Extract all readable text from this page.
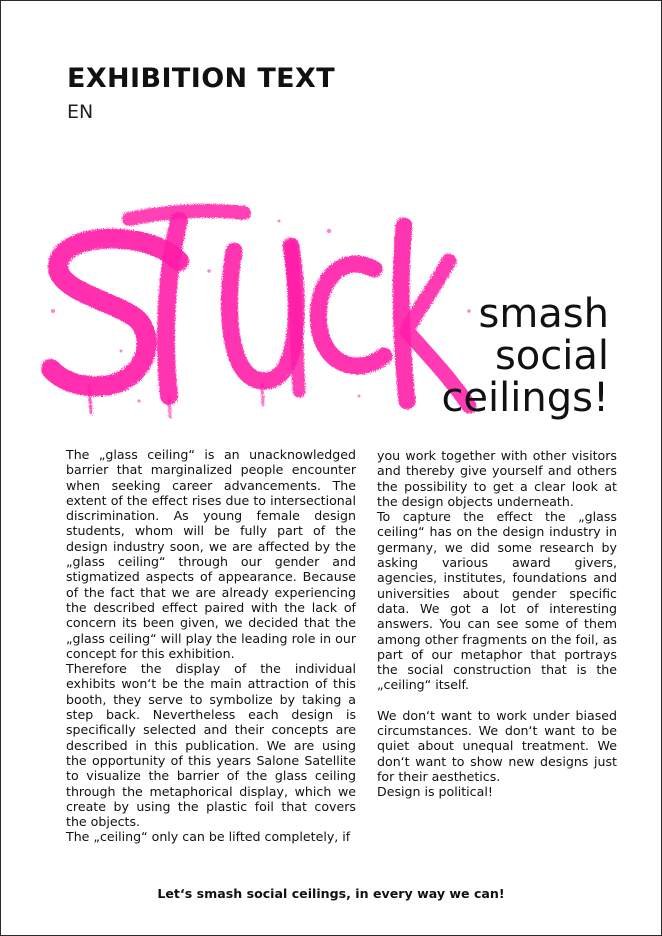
EXHIBITION TEXT
EN
smash
social
ceilings!

The „glass ceiling“ is an unacknowledged barrier that marginalized people encounter when seeking career advancements. The extent of the effect rises due to intersectional discrimination. As young female design students, whom will be fully part of the design industry soon, we are affected by the „glass ceiling“ through our gender and stigmatized aspects of appearance. Because of the fact that we are already experiencing the described effect paired with the lack of concern its been given, we decided that the „glass ceiling“ will play the leading role in our concept for this exhibition.

Therefore the display of the individual exhibits won‘t be the main attraction of this booth, they serve to symbolize by taking a step back. Nevertheless each design is specifically selected and their concepts are described in this publication. We are using the opportunity of this years Salone Satellite to visualize the barrier of the glass ceiling through the metaphorical display, which we create by using the plastic foil that covers the objects.

The „ceiling“ only can be lifted completely, if

you work together with other visitors and thereby give yourself and others the possibility to get a clear look at the design objects underneath.

To capture the effect the „glass ceiling“ has on the design industry in germany, we did some research by asking various award givers, agencies, institutes, foundations and universities about gender specific data. We got a lot of interesting answers. You can see some of them among other fragments on the foil, as part of our metaphor that portrays the social construction that is the „ceiling“ itself.

We don‘t want to work under biased circumstances. We don‘t want to be quiet about unequal treatment. We don‘t want to show new designs just for their aesthetics.

Design is political!

Let‘s smash social ceilings, in every way we can!
